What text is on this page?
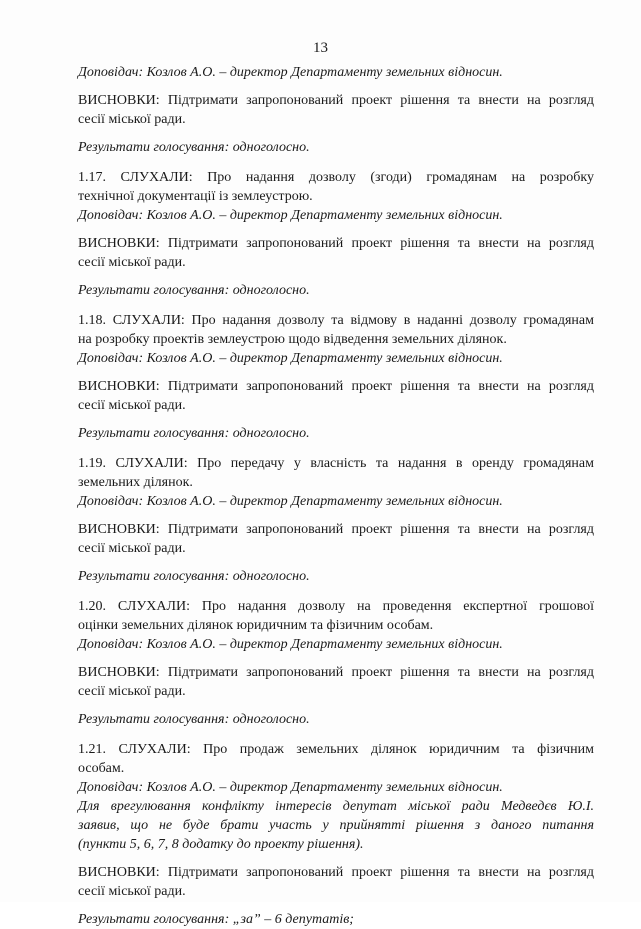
13
Доповідач: Козлов А.О. – директор Департаменту земельних відносин.
ВИСНОВКИ: Підтримати запропонований проект рішення та внести на розгляд
сесії міської ради.
Результати голосування: одноголосно.
1.17. СЛУХАЛИ: Про надання дозволу (згоди) громадянам на розробку
технічної документації із землеустрою.
Доповідач: Козлов А.О. – директор Департаменту земельних відносин.
ВИСНОВКИ: Підтримати запропонований проект рішення та внести на розгляд
сесії міської ради.
Результати голосування: одноголосно.
1.18. СЛУХАЛИ: Про надання дозволу та відмову в наданні дозволу громадянам
на розробку проектів землеустрою щодо відведення земельних ділянок.
Доповідач: Козлов А.О. – директор Департаменту земельних відносин.
ВИСНОВКИ: Підтримати запропонований проект рішення та внести на розгляд
сесії міської ради.
Результати голосування: одноголосно.
1.19. СЛУХАЛИ: Про передачу у власність та надання в оренду громадянам
земельних ділянок.
Доповідач: Козлов А.О. – директор Департаменту земельних відносин.
ВИСНОВКИ: Підтримати запропонований проект рішення та внести на розгляд
сесії міської ради.
Результати голосування: одноголосно.
1.20. СЛУХАЛИ: Про надання дозволу на проведення експертної грошової
оцінки земельних ділянок юридичним та фізичним особам.
Доповідач: Козлов А.О. – директор Департаменту земельних відносин.
ВИСНОВКИ: Підтримати запропонований проект рішення та внести на розгляд
сесії міської ради.
Результати голосування: одноголосно.
1.21. СЛУХАЛИ: Про продаж земельних ділянок юридичним та фізичним
особам.
Доповідач: Козлов А.О. – директор Департаменту земельних відносин.
Для врегулювання конфлікту інтересів депутат міської ради Медведєв Ю.І.
заявив, що не буде брати участь у прийнятті рішення з даного питання
(пункти 5, 6, 7, 8 додатку до проекту рішення).
ВИСНОВКИ: Підтримати запропонований проект рішення та внести на розгляд
сесії міської ради.
Результати голосування: „за” – 6 депутатів;
